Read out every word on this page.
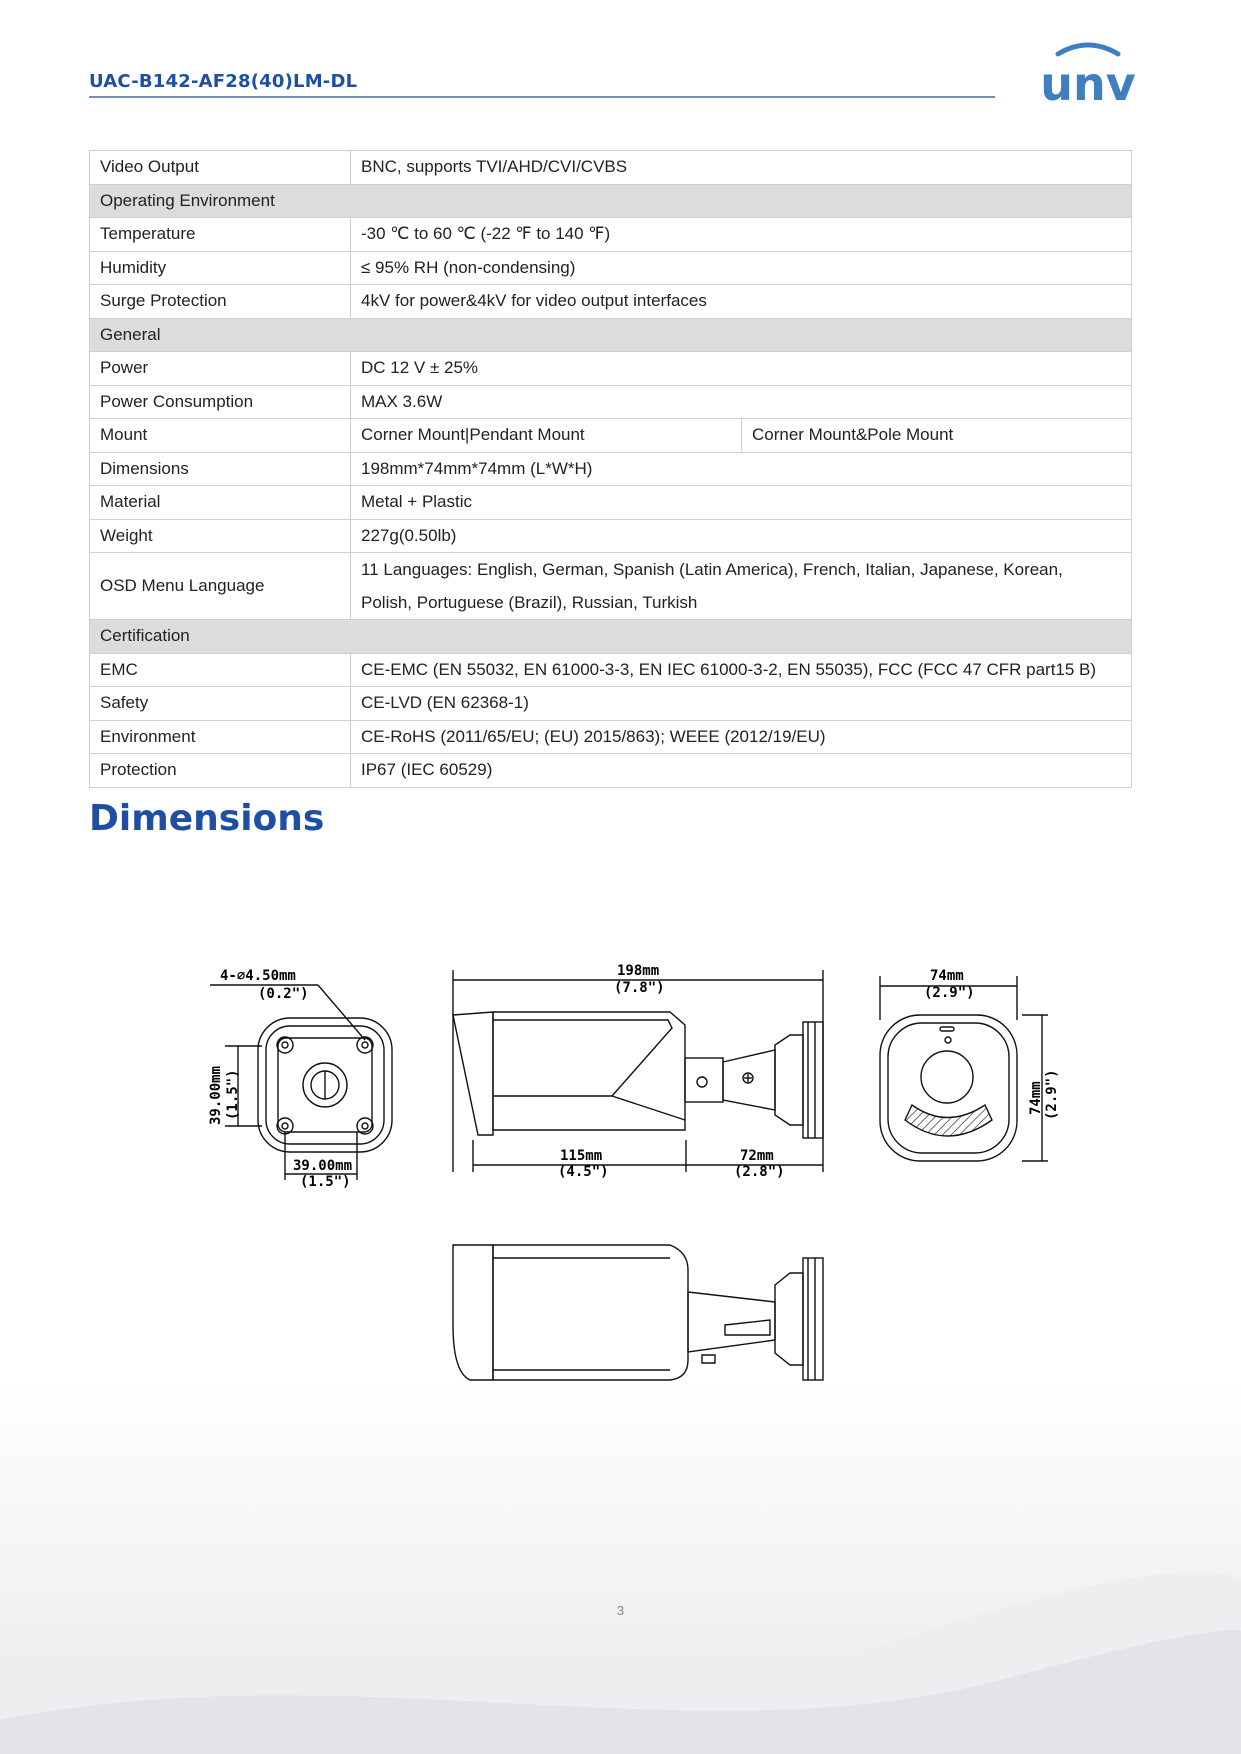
UAC-B142-AF28(40)LM-DL	unv
Video Output	BNC, supports TVI/AHD/CVI/CVBS	
Operating Environment		
Temperature	-30 ℃ to 60 ℃ (-22 ℉ to 140 ℉)	
Humidity	≤ 95% RH (non-condensing)	
Surge Protection	4kV for power&4kV for video output interfaces	
General		
Power	DC 12 V ± 25%	
Power Consumption	MAX 3.6W	
Mount	Corner Mount|Pendant Mount	Corner Mount&Pole Mount
Dimensions	198mm*74mm*74mm (L*W*H)	
Material	Metal + Plastic	
Weight	227g(0.50lb)	
OSD Menu Language	11 Languages: English, German, Spanish (Latin America), French, Italian, Japanese, Korean,
Polish, Portuguese (Brazil), Russian, Turkish	

Certification		
EMC	CE-EMC (EN 55032, EN 61000-3-3, EN IEC 61000-3-2, EN 55035), FCC (FCC 47 CFR part15 B)	
Safety	CE-LVD (EN 62368-1)	
Environment	CE-RoHS (2011/65/EU; (EU) 2015/863); WEEE (2012/19/EU)	
Protection	IP67 (IEC 60529)	
Dimensions
4-∅4.50mm
(0.2")
39.00mm (1.5")
39.00mm
(1.5")
198mm
(7.8")
115mm
(4.5")
72mm
(2.8")
74mm
(2.9")
74mm (2.9")
3
